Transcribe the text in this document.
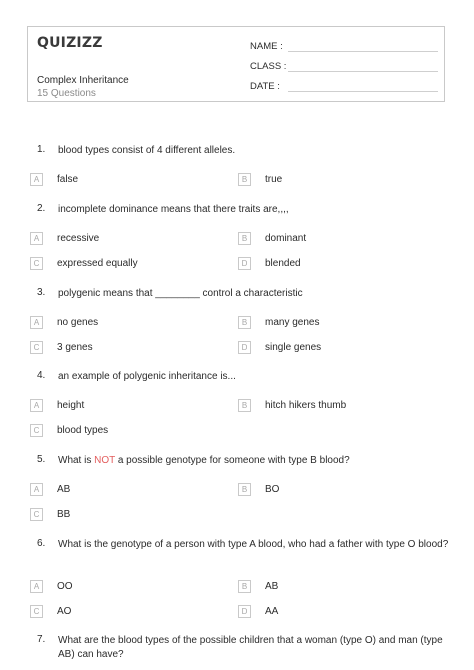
QUIZIZZ
Complex Inheritance
15 Questions
NAME :
CLASS :
DATE :
1.	blood types consist of 4 different alleles.
A	false	B	true
2.	incomplete dominance means that there traits are,,,,
A	recessive	B	dominant
C	expressed equally	D	blended
3.	polygenic means that ________ control a characteristic
A	no genes	B	many genes
C	3 genes	D	single genes
4.	an example of polygenic inheritance is...
A	height	B	hitch hikers thumb
C	blood types
5.	What is NOT a possible genotype for someone with type B blood?
A	AB	B	BO
C	BB
6.	What is the genotype of a person with type A blood, who had a father with type O blood?
A	OO	B	AB
C	AO	D	AA
7.	What are the blood types of the possible children that a woman (type O) and man (type AB) can have?
